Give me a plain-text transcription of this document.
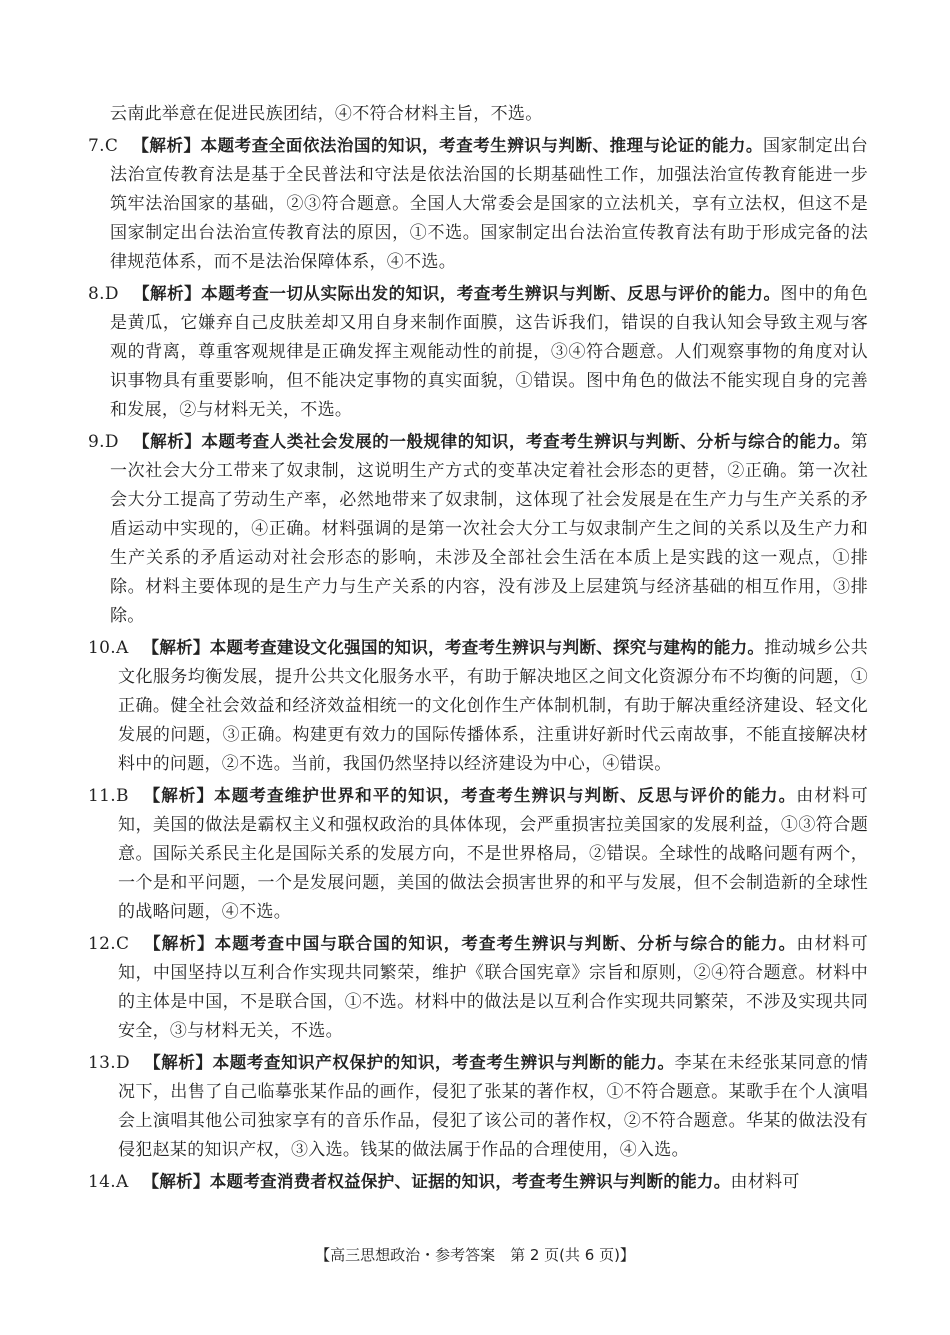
云南此举意在促进民族团结，④不符合材料主旨，不选。

7.C 【解析】本题考查全面依法治国的知识，考查考生辨识与判断、推理与论证的能力。国家制定出台法治宣传教育法是基于全民普法和守法是依法治国的长期基础性工作，加强法治宣传教育能进一步筑牢法治国家的基础，②③符合题意。全国人大常委会是国家的立法机关，享有立法权，但这不是国家制定出台法治宣传教育法的原因，①不选。国家制定出台法治宣传教育法有助于形成完备的法律规范体系，而不是法治保障体系，④不选。

8.D 【解析】本题考查一切从实际出发的知识，考查考生辨识与判断、反思与评价的能力。图中的角色是黄瓜，它嫌弃自己皮肤差却又用自身来制作面膜，这告诉我们，错误的自我认知会导致主观与客观的背离，尊重客观规律是正确发挥主观能动性的前提，③④符合题意。人们观察事物的角度对认识事物具有重要影响，但不能决定事物的真实面貌，①错误。图中角色的做法不能实现自身的完善和发展，②与材料无关，不选。

9.D 【解析】本题考查人类社会发展的一般规律的知识，考查考生辨识与判断、分析与综合的能力。第一次社会大分工带来了奴隶制，这说明生产方式的变革决定着社会形态的更替，②正确。第一次社会大分工提高了劳动生产率，必然地带来了奴隶制，这体现了社会发展是在生产力与生产关系的矛盾运动中实现的，④正确。材料强调的是第一次社会大分工与奴隶制产生之间的关系以及生产力和生产关系的矛盾运动对社会形态的影响，未涉及全部社会生活在本质上是实践的这一观点，①排除。材料主要体现的是生产力与生产关系的内容，没有涉及上层建筑与经济基础的相互作用，③排除。

10.A 【解析】本题考查建设文化强国的知识，考查考生辨识与判断、探究与建构的能力。推动城乡公共文化服务均衡发展，提升公共文化服务水平，有助于解决地区之间文化资源分布不均衡的问题，①正确。健全社会效益和经济效益相统一的文化创作生产体制机制，有助于解决重经济建设、轻文化发展的问题，③正确。构建更有效力的国际传播体系，注重讲好新时代云南故事，不能直接解决材料中的问题，②不选。当前，我国仍然坚持以经济建设为中心，④错误。

11.B 【解析】本题考查维护世界和平的知识，考查考生辨识与判断、反思与评价的能力。由材料可知，美国的做法是霸权主义和强权政治的具体体现，会严重损害拉美国家的发展利益，①③符合题意。国际关系民主化是国际关系的发展方向，不是世界格局，②错误。全球性的战略问题有两个，一个是和平问题，一个是发展问题，美国的做法会损害世界的和平与发展，但不会制造新的全球性的战略问题，④不选。

12.C 【解析】本题考查中国与联合国的知识，考查考生辨识与判断、分析与综合的能力。由材料可知，中国坚持以互利合作实现共同繁荣，维护《联合国宪章》宗旨和原则，②④符合题意。材料中的主体是中国，不是联合国，①不选。材料中的做法是以互利合作实现共同繁荣，不涉及实现共同安全，③与材料无关，不选。

13.D 【解析】本题考查知识产权保护的知识，考查考生辨识与判断的能力。李某在未经张某同意的情况下，出售了自己临摹张某作品的画作，侵犯了张某的著作权，①不符合题意。某歌手在个人演唱会上演唱其他公司独家享有的音乐作品，侵犯了该公司的著作权，②不符合题意。华某的做法没有侵犯赵某的知识产权，③入选。钱某的做法属于作品的合理使用，④入选。

14.A 【解析】本题考查消费者权益保护、证据的知识，考查考生辨识与判断的能力。由材料可

【高三思想政治・参考答案　第 2 页(共 6 页)】
